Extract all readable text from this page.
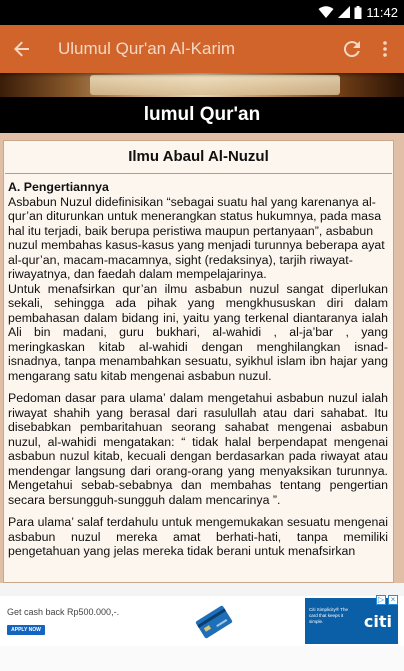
11:42
Ulumul Qur'an Al-Karim
lumul Qur'an
Ilmu Abaul Al-Nuzul
A. Pengertiannya

Asbabun Nuzul didefinisikan “sebagai suatu hal yang karenanya al-qur’an diturunkan untuk menerangkan status hukumnya, pada masa hal itu terjadi, baik berupa peristiwa maupun pertanyaan”, asbabun nuzul membahas kasus-kasus yang menjadi turunnya beberapa ayat al-qur’an, macam-macamnya, sight (redaksinya), tarjih riwayat-riwayatnya, dan faedah dalam mempelajarinya.

Untuk menafsirkan qur’an ilmu asbabun nuzul sangat diperlukan sekali, sehingga ada pihak yang mengkhususkan diri dalam pembahasan dalam bidang ini, yaitu yang terkenal diantaranya ialah Ali bin madani, guru bukhari, al-wahidi , al-ja’bar , yang meringkaskan kitab al-wahidi dengan menghilangkan isnad-isnadnya, tanpa menambahkan sesuatu, syikhul islam ibn hajar yang mengarang satu kitab mengenai asbabun nuzul.

Pedoman dasar para ulama’ dalam mengetahui asbabun nuzul ialah riwayat shahih yang berasal dari rasulullah atau dari sahabat. Itu disebabkan pembaritahuan seorang sahabat mengenai asbabun nuzul, al-wahidi mengatakan: “ tidak halal berpendapat mengenai asbabun nuzul kitab, kecuali dengan berdasarkan pada riwayat atau mendengar langsung dari orang-orang yang menyaksikan turunnya. Mengetahui sebab-sebabnya dan membahas tentang pengertian secara bersungguh-sungguh dalam mencarinya ”.

Para ulama’ salaf terdahulu untuk mengemukakan sesuatu mengenai asbabun nuzul mereka amat berhati-hati, tanpa memiliki pengetahuan yang jelas mereka tidak berani untuk menafsirkan

Get cash back Rp500.000,-.
APPLY NOW
Citi Simplicity® The card that keeps it simple.	citi
▷ ×
